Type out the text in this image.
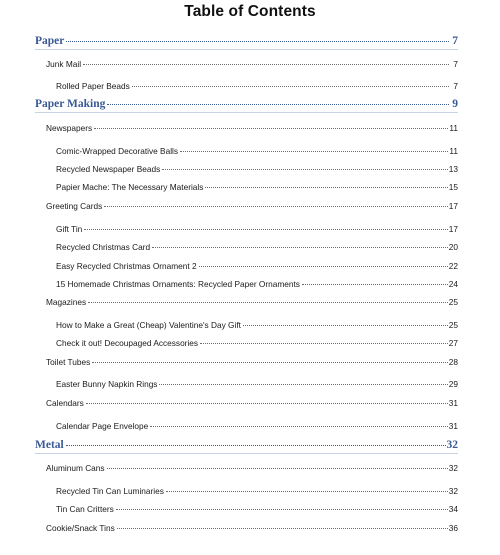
Table of Contents
Paper	7
Junk Mail	7
Rolled Paper Beads	7
Paper Making	9
Newspapers	11
Comic-Wrapped Decorative Balls	11
Recycled Newspaper Beads	13
Papier Mache: The Necessary Materials	15
Greeting Cards	17
Gift Tin	17
Recycled Christmas Card	20
Easy Recycled Christmas Ornament 2	22
15 Homemade Christmas Ornaments: Recycled Paper Ornaments	24
Magazines	25
How to Make a Great (Cheap) Valentine's Day Gift	25
Check it out! Decoupaged Accessories	27
Toilet Tubes	28
Easter Bunny Napkin Rings	29
Calendars	31
Calendar Page Envelope	31
Metal	32
Aluminum Cans	32
Recycled Tin Can Luminaries	32
Tin Can Critters	34
Cookie/Snack Tins	36
